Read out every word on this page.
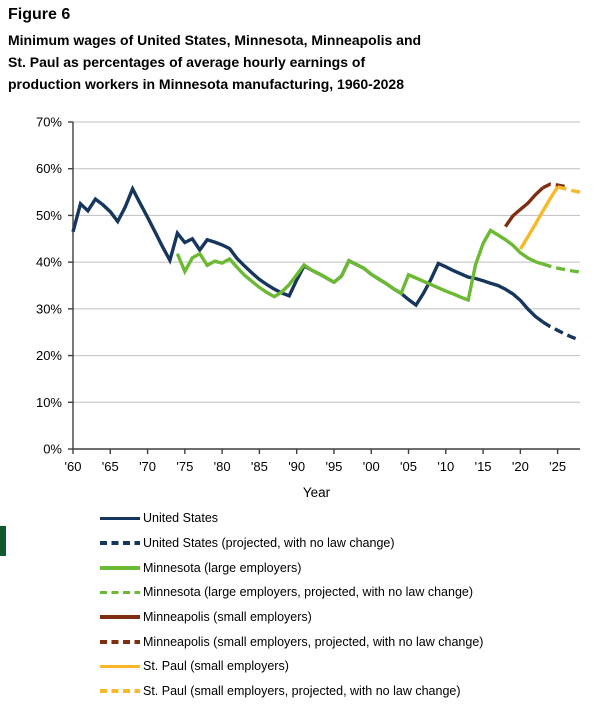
0%
10%
20%
30%
40%
50%
60%
70%
'60 '65 '70 '75 '80 '85 '90 '95 '00 '05 '10 '15 '20 '25
Year
Figure 6
Minimum wages of United States, Minnesota, Minneapolis and
St. Paul as percentages of average hourly earnings of
production workers in Minnesota manufacturing, 1960-2028
United States
United States (projected, with no law change)
Minnesota (large employers)
Minnesota (large employers, projected, with no law change)
Minneapolis (small employers)
Minneapolis (small employers, projected, with no law change)
St. Paul (small employers)
St. Paul (small employers, projected, with no law change)
